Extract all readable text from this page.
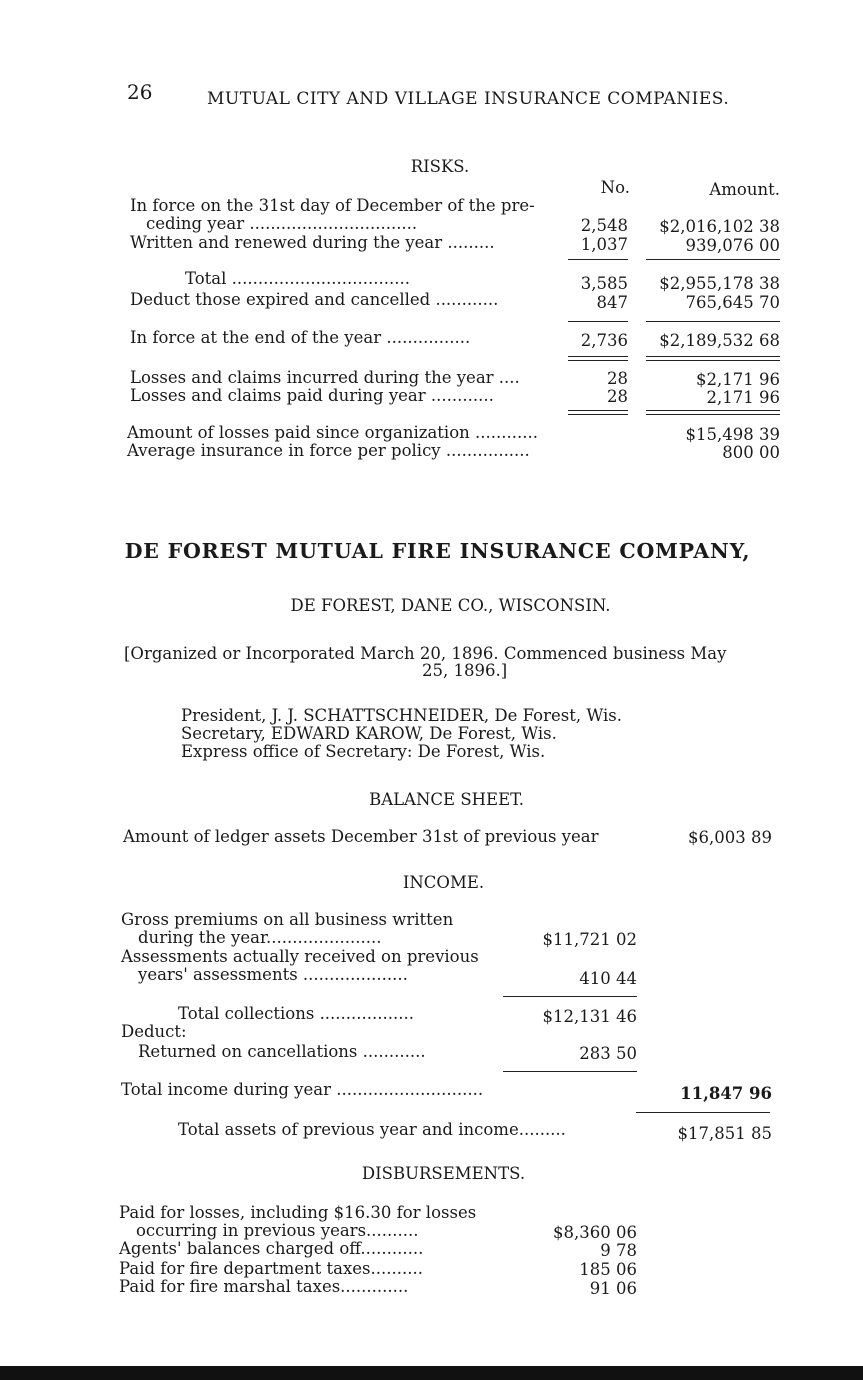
26	MUTUAL CITY AND VILLAGE INSURANCE COMPANIES.
RISKS.
No.	Amount.
In force on the 31st day of December of the pre-
ceding year ................................	2,548	$2,016,102 38
Written and renewed during the year .........	1,037	939,076 00
Total ..................................	3,585	$2,955,178 38
Deduct those expired and cancelled ............	847	765,645 70
In force at the end of the year ................	2,736	$2,189,532 68
Losses and claims incurred during the year ....	28	$2,171 96
Losses and claims paid during year ............	28	2,171 96
Amount of losses paid since organization ............	$15,498 39
Average insurance in force per policy ................	800 00
DE FOREST MUTUAL FIRE INSURANCE COMPANY,
DE FOREST, DANE CO., WISCONSIN.
[Organized or Incorporated March 20, 1896. Commenced business May
25, 1896.]
President, J. J. SCHATTSCHNEIDER, De Forest, Wis.
Secretary, EDWARD KAROW, De Forest, Wis.
Express office of Secretary: De Forest, Wis.
BALANCE SHEET.
Amount of ledger assets December 31st of previous year	$6,003 89
INCOME.
Gross premiums on all business written
during the year......................	$11,721 02
Assessments actually received on previous
years' assessments ....................	410 44
Total collections ..................	$12,131 46
Deduct:
Returned on cancellations ............	283 50
Total income during year ............................	11,847 96
Total assets of previous year and income.........	$17,851 85
DISBURSEMENTS.
Paid for losses, including $16.30 for losses
occurring in previous years..........	$8,360 06
Agents' balances charged off............	9 78
Paid for fire department taxes..........	185 06
Paid for fire marshal taxes.............	91 06
